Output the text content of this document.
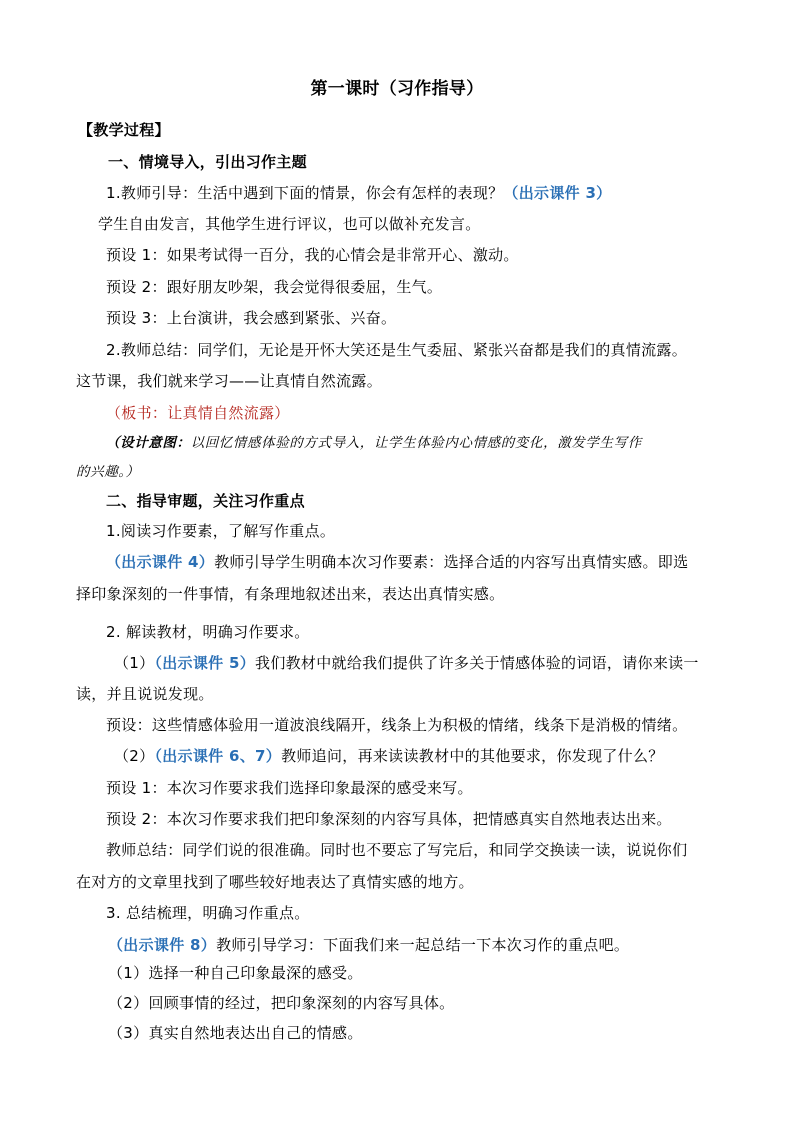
第一课时（习作指导）
【教学过程】
一、情境导入，引出习作主题
1.教师引导：生活中遇到下面的情景，你会有怎样的表现？（出示课件 3）
学生自由发言，其他学生进行评议，也可以做补充发言。
预设 1：如果考试得一百分，我的心情会是非常开心、激动。
预设 2：跟好朋友吵架，我会觉得很委屈，生气。
预设 3：上台演讲，我会感到紧张、兴奋。
2.教师总结：同学们，无论是开怀大笑还是生气委屈、紧张兴奋都是我们的真情流露。
这节课，我们就来学习——让真情自然流露。
（板书：让真情自然流露）
（设计意图：以回忆情感体验的方式导入，让学生体验内心情感的变化，激发学生写作
的兴趣。）
二、指导审题，关注习作重点
1.阅读习作要素，了解写作重点。
（出示课件 4）教师引导学生明确本次习作要素：选择合适的内容写出真情实感。即选
择印象深刻的一件事情，有条理地叙述出来，表达出真情实感。
2. 解读教材，明确习作要求。
（1）（出示课件 5）我们教材中就给我们提供了许多关于情感体验的词语，请你来读一
读，并且说说发现。
预设：这些情感体验用一道波浪线隔开，线条上为积极的情绪，线条下是消极的情绪。
（2）（出示课件 6、7）教师追问，再来读读教材中的其他要求，你发现了什么？
预设 1：本次习作要求我们选择印象最深的感受来写。
预设 2：本次习作要求我们把印象深刻的内容写具体，把情感真实自然地表达出来。
教师总结：同学们说的很准确。同时也不要忘了写完后，和同学交换读一读，说说你们
在对方的文章里找到了哪些较好地表达了真情实感的地方。
3. 总结梳理，明确习作重点。
（出示课件 8）教师引导学习：下面我们来一起总结一下本次习作的重点吧。
（1）选择一种自己印象最深的感受。
（2）回顾事情的经过，把印象深刻的内容写具体。
（3）真实自然地表达出自己的情感。
